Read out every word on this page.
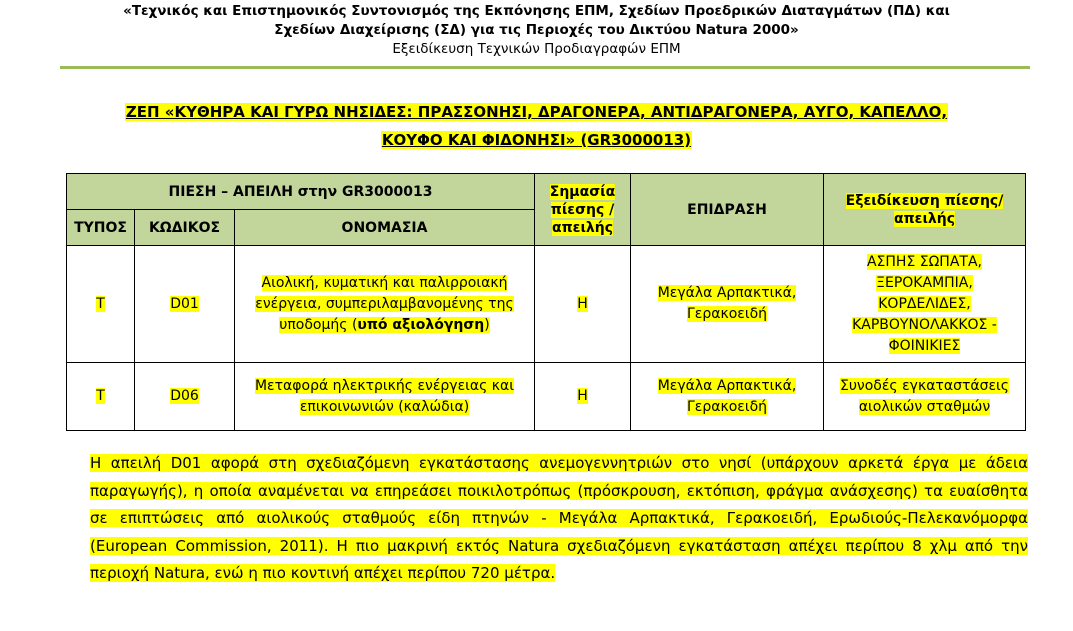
«Τεχνικός και Επιστημονικός Συντονισμός της Εκπόνησης ΕΠΜ, Σχεδίων Προεδρικών Διαταγμάτων (ΠΔ) και
Σχεδίων Διαχείρισης (ΣΔ) για τις Περιοχές του Δικτύου Natura 2000»
Εξειδίκευση Τεχνικών Προδιαγραφών ΕΠΜ
ΖΕΠ «ΚΥΘΗΡΑ ΚΑΙ ΓΥΡΩ ΝΗΣΙΔΕΣ: ΠΡΑΣΣΟΝΗΣΙ, ΔΡΑΓΟΝΕΡΑ, ΑΝΤΙΔΡΑΓΟΝΕΡΑ, ΑΥΓΟ, ΚΑΠΕΛΛΟ,
ΚΟΥΦΟ ΚΑΙ ΦΙΔΟΝΗΣΙ» (GR3000013)
ΠΙΕΣΗ – ΑΠΕΙΛΗ στην GR3000013			Σημασία πίεσης / απειλής	ΕΠΙΔΡΑΣΗ	Εξειδίκευση πίεσης/απειλής
ΤΥΠΟΣ	ΚΩΔΙΚΟΣ	ΟΝΟΜΑΣΙΑ			
T	D01	Αιολική, κυματική και παλιρροιακή ενέργεια, συμπεριλαμβανομένης της υποδομής (υπό αξιολόγηση)	H	Μεγάλα Αρπακτικά, Γερακοειδή	ΑΣΠΗΣ ΣΩΠΑΤΑ, ΞΕΡΟΚΑΜΠΙΑ, ΚΟΡΔΕΛΙΔΕΣ, ΚΑΡΒΟΥΝΟΛΑΚΚΟΣ - ΦΟΙΝΙΚΙΕΣ
T	D06	Μεταφορά ηλεκτρικής ενέργειας και επικοινωνιών (καλώδια)	H	Μεγάλα Αρπακτικά, Γερακοειδή	Συνοδές εγκαταστάσεις αιολικών σταθμών
Η απειλή D01 αφορά στη σχεδιαζόμενη εγκατάστασης ανεμογεννητριών στο νησί (υπάρχουν αρκετά έργα με άδεια παραγωγής), η οποία αναμένεται να επηρεάσει ποικιλοτρόπως (πρόσκρουση, εκτόπιση, φράγμα ανάσχεσης) τα ευαίσθητα σε επιπτώσεις από αιολικούς σταθμούς είδη πτηνών - Μεγάλα Αρπακτικά, Γερακοειδή, Ερωδιούς-Πελεκανόμορφα (European Commission, 2011). Η πιο μακρινή εκτός Natura σχεδιαζόμενη εγκατάσταση απέχει περίπου 8 χλμ από την περιοχή Natura, ενώ η πιο κοντινή απέχει περίπου 720 μέτρα.
